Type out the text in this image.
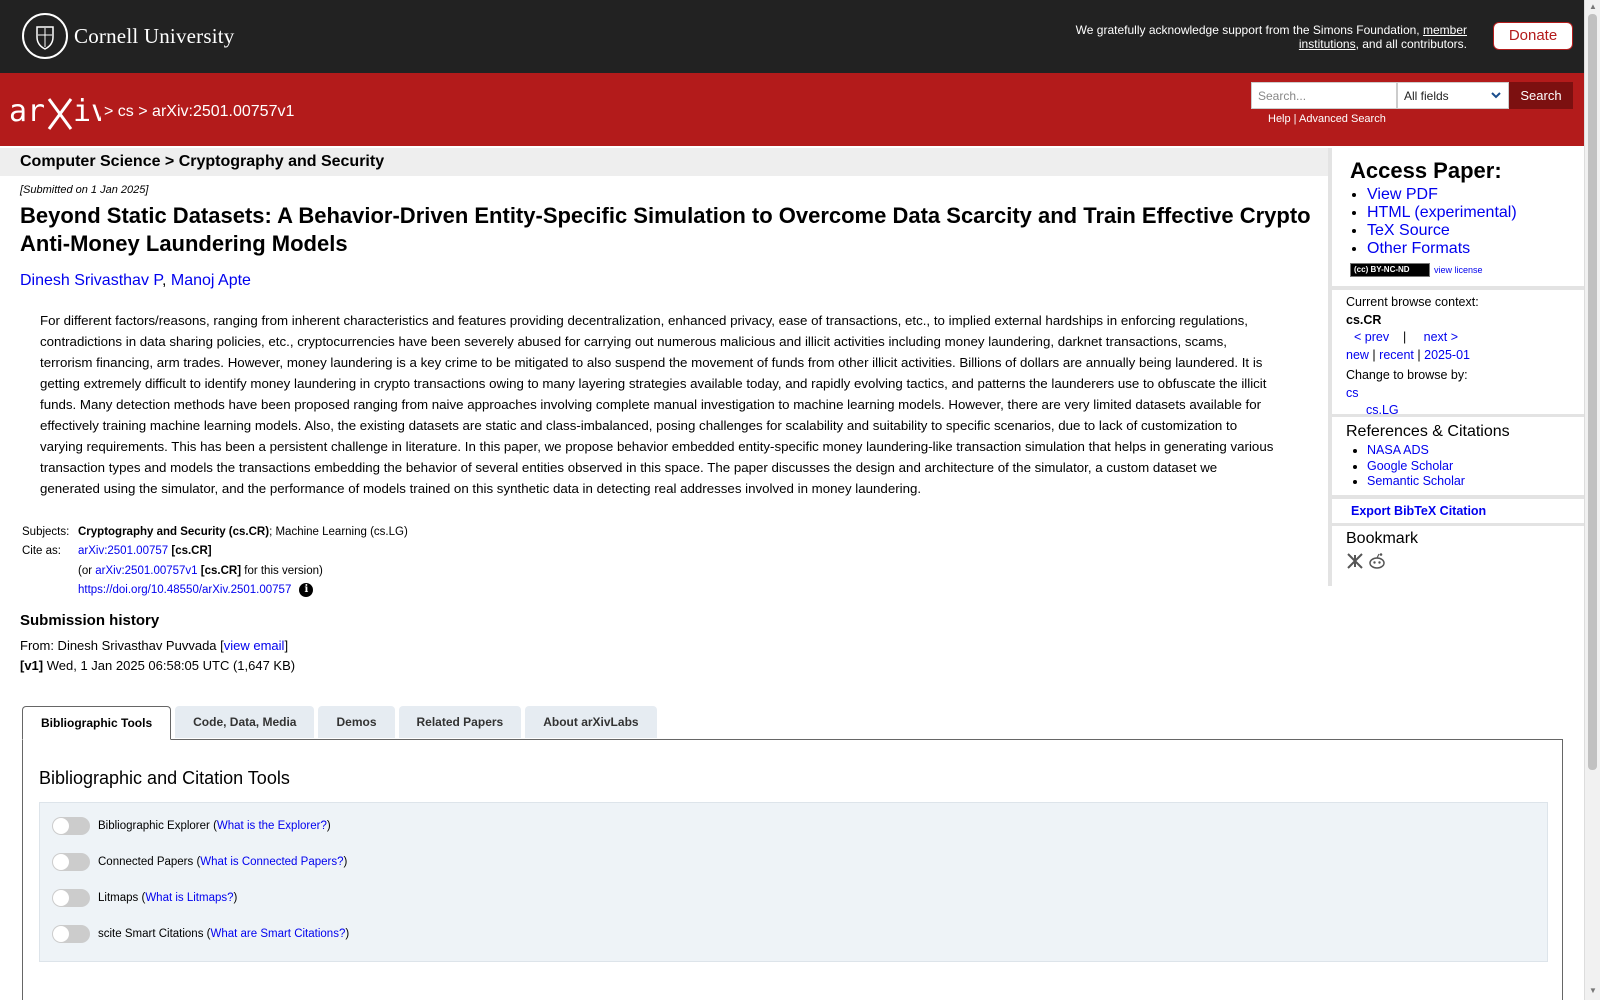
Cornell University	We gratefully acknowledge support from the Simons Foundation, member institutions, and all contributors.	Donate
ar iv
> cs > arXiv:2501.00757v1
Search...	All fields	Search
Help | Advanced Search
Computer Science > Cryptography and Security
[Submitted on 1 Jan 2025]
Beyond Static Datasets: A Behavior-Driven Entity-Specific Simulation to Overcome Data Scarcity and Train Effective Crypto Anti-Money Laundering Models
Dinesh Srivasthav P, Manoj Apte
For different factors/reasons, ranging from inherent characteristics and features providing decentralization, enhanced privacy, ease of transactions, etc., to implied external hardships in enforcing regulations, contradictions in data sharing policies, etc., cryptocurrencies have been severely abused for carrying out numerous malicious and illicit activities including money laundering, darknet transactions, scams, terrorism financing, arm trades. However, money laundering is a key crime to be mitigated to also suspend the movement of funds from other illicit activities. Billions of dollars are annually being laundered. It is getting extremely difficult to identify money laundering in crypto transactions owing to many layering strategies available today, and rapidly evolving tactics, and patterns the launderers use to obfuscate the illicit funds. Many detection methods have been proposed ranging from naive approaches involving complete manual investigation to machine learning models. However, there are very limited datasets available for effectively training machine learning models. Also, the existing datasets are static and class-imbalanced, posing challenges for scalability and suitability to specific scenarios, due to lack of customization to varying requirements. This has been a persistent challenge in literature. In this paper, we propose behavior embedded entity-specific money laundering-like transaction simulation that helps in generating various transaction types and models the transactions embedding the behavior of several entities observed in this space. The paper discusses the design and architecture of the simulator, a custom dataset we generated using the simulator, and the performance of models trained on this synthetic data in detecting real addresses involved in money laundering.
Subjects: Cryptography and Security (cs.CR); Machine Learning (cs.LG)
Cite as:	arXiv:2501.00757 [cs.CR]
(or arXiv:2501.00757v1 [cs.CR] for this version)
https://doi.org/10.48550/arXiv.2501.00757 i
Submission history
From: Dinesh Srivasthav Puvvada [view email]
[v1] Wed, 1 Jan 2025 06:58:05 UTC (1,647 KB)
Bibliographic Tools	Code, Data, Media	Demos	Related Papers	About arXivLabs
Bibliographic and Citation Tools
Bibliographic Explorer ( What is the Explorer? )
Connected Papers ( What is Connected Papers? )
Litmaps ( What is Litmaps? )
scite Smart Citations ( What are Smart Citations? )
Access Paper:
• View PDF
• HTML (experimental)
• TeX Source
• Other Formats
(cc) BY-NC-ND	view license
Current browse context:
cs.CR
< prev | next >
new | recent | 2025-01
Change to browse by:
cs
cs.LG
References & Citations
• NASA ADS
• Google Scholar
• Semantic Scholar
Export BibTeX Citation
Bookmark
▲
▼
